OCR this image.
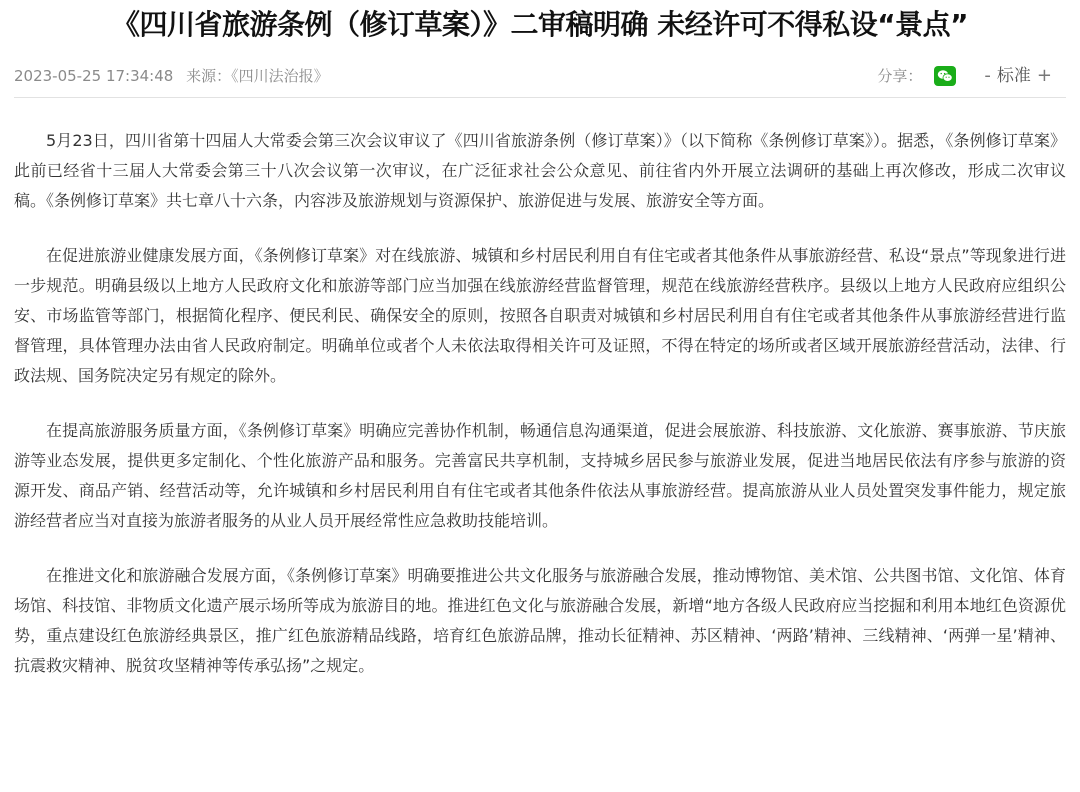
《四川省旅游条例（修订草案）》二审稿明确 未经许可不得私设“景点”
2023-05-25 17:34:48 来源：《四川法治报》	分享：	- 标准 +

5月23日，四川省第十四届人大常委会第三次会议审议了《四川省旅游条例（修订草案）》（以下简称《条例修订草案》）。据悉，《条例修订草案》此前已经省十三届人大常委会第三十八次会议第一次审议，在广泛征求社会公众意见、前往省内外开展立法调研的基础上再次修改，形成二次审议稿。《条例修订草案》共七章八十六条，内容涉及旅游规划与资源保护、旅游促进与发展、旅游安全等方面。

在促进旅游业健康发展方面，《条例修订草案》对在线旅游、城镇和乡村居民利用自有住宅或者其他条件从事旅游经营、私设“景点”等现象进行进一步规范。明确县级以上地方人民政府文化和旅游等部门应当加强在线旅游经营监督管理，规范在线旅游经营秩序。县级以上地方人民政府应组织公安、市场监管等部门，根据简化程序、便民利民、确保安全的原则，按照各自职责对城镇和乡村居民利用自有住宅或者其他条件从事旅游经营进行监督管理，具体管理办法由省人民政府制定。明确单位或者个人未依法取得相关许可及证照，不得在特定的场所或者区域开展旅游经营活动，法律、行政法规、国务院决定另有规定的除外。

在提高旅游服务质量方面，《条例修订草案》明确应完善协作机制，畅通信息沟通渠道，促进会展旅游、科技旅游、文化旅游、赛事旅游、节庆旅游等业态发展，提供更多定制化、个性化旅游产品和服务。完善富民共享机制，支持城乡居民参与旅游业发展，促进当地居民依法有序参与旅游的资源开发、商品产销、经营活动等，允许城镇和乡村居民利用自有住宅或者其他条件依法从事旅游经营。提高旅游从业人员处置突发事件能力，规定旅游经营者应当对直接为旅游者服务的从业人员开展经常性应急救助技能培训。

在推进文化和旅游融合发展方面，《条例修订草案》明确要推进公共文化服务与旅游融合发展，推动博物馆、美术馆、公共图书馆、文化馆、体育场馆、科技馆、非物质文化遗产展示场所等成为旅游目的地。推进红色文化与旅游融合发展，新增“地方各级人民政府应当挖掘和利用本地红色资源优势，重点建设红色旅游经典景区，推广红色旅游精品线路，培育红色旅游品牌，推动长征精神、苏区精神、‘两路’精神、三线精神、‘两弹一星’精神、抗震救灾精神、脱贫攻坚精神等传承弘扬”之规定。
